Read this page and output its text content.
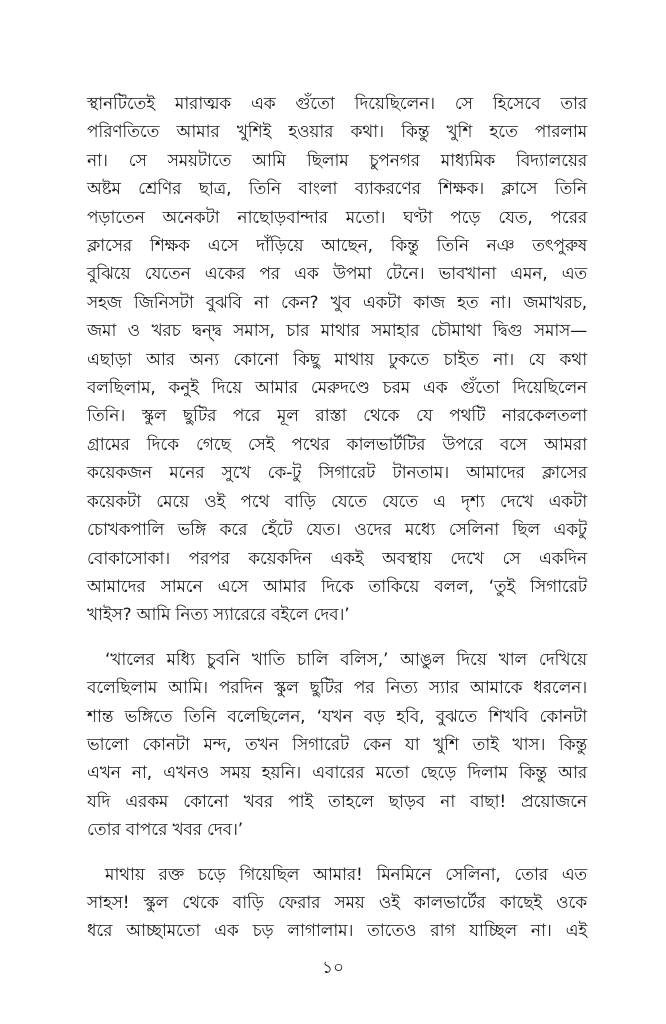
স্থানটিতেই মারাত্মক এক গুঁতো দিয়েছিলেন। সে হিসেবে তার
পরিণতিতে আমার খুশিই হওয়ার কথা। কিন্তু খুশি হতে পারলাম
না। সে সময়টাতে আমি ছিলাম চুপনগর মাধ্যমিক বিদ্যালয়ের
অষ্টম শ্রেণির ছাত্র, তিনি বাংলা ব্যাকরণের শিক্ষক। ক্লাসে তিনি
পড়াতেন অনেকটা নাছোড়বান্দার মতো। ঘণ্টা পড়ে যেত, পরের
ক্লাসের শিক্ষক এসে দাঁড়িয়ে আছেন, কিন্তু তিনি নঞ তৎপুরুষ
বুঝিয়ে যেতেন একের পর এক উপমা টেনে। ভাবখানা এমন, এত
সহজ জিনিসটা বুঝবি না কেন? খুব একটা কাজ হত না। জমাখরচ,
জমা ও খরচ দ্বন্দ্ব সমাস, চার মাথার সমাহার চৌমাথা দ্বিগু সমাস—
এছাড়া আর অন্য কোনো কিছু মাথায় ঢুকতে চাইত না। যে কথা
বলছিলাম, কনুই দিয়ে আমার মেরুদণ্ডে চরম এক গুঁতো দিয়েছিলেন
তিনি। স্কুল ছুটির পরে মূল রাস্তা থেকে যে পথটি নারকেলতলা
গ্রামের দিকে গেছে সেই পথের কালভার্টটির উপরে বসে আমরা
কয়েকজন মনের সুখে কে-টু সিগারেট টানতাম। আমাদের ক্লাসের
কয়েকটা মেয়ে ওই পথে বাড়ি যেতে যেতে এ দৃশ্য দেখে একটা
চোখকপালি ভঙ্গি করে হেঁটে যেত। ওদের মধ্যে সেলিনা ছিল একটু
বোকাসোকা। পরপর কয়েকদিন একই অবস্থায় দেখে সে একদিন
আমাদের সামনে এসে আমার দিকে তাকিয়ে বলল, ‘তুই সিগারেট
খাইস? আমি নিত্য স্যারেরে বইলে দেব।’

‘খালের মধ্যি চুবনি খাতি চালি বলিস,’ আঙুল দিয়ে খাল দেখিয়ে
বলেছিলাম আমি। পরদিন স্কুল ছুটির পর নিত্য স্যার আমাকে ধরলেন।
শান্ত ভঙ্গিতে তিনি বলেছিলেন, ‘যখন বড় হবি, বুঝতে শিখবি কোনটা
ভালো কোনটা মন্দ, তখন সিগারেট কেন যা খুশি তাই খাস। কিন্তু
এখন না, এখনও সময় হয়নি। এবারের মতো ছেড়ে দিলাম কিন্তু আর
যদি এরকম কোনো খবর পাই তাহলে ছাড়ব না বাছা! প্রয়োজনে
তোর বাপরে খবর দেব।’

মাথায় রক্ত চড়ে গিয়েছিল আমার! মিনমিনে সেলিনা, তোর এত
সাহস! স্কুল থেকে বাড়ি ফেরার সময় ওই কালভার্টের কাছেই ওকে
ধরে আচ্ছামতো এক চড় লাগালাম। তাতেও রাগ যাচ্ছিল না। এই

১০
